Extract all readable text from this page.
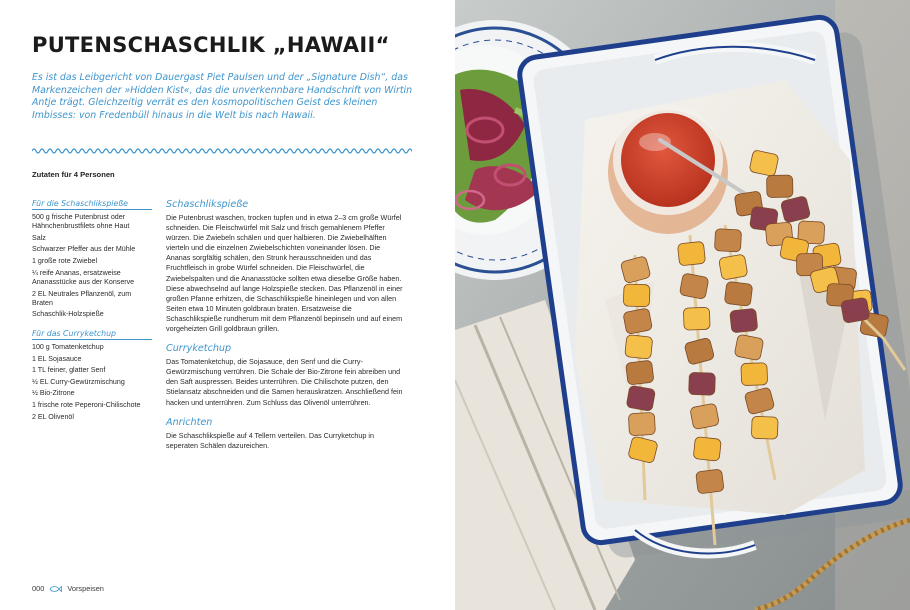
PUTENSCHASCHLIK „HAWAII“

Es ist das Leibgericht von Dauergast Piet Paulsen und der „Signature Dish“, das Markenzeichen der »Hidden Kist«, das die unverkennbare Handschrift von Wirtin Antje trägt. Gleichzeitig verrät es den kosmopolitischen Geist des kleinen Imbisses: von Fredenbüll hinaus in die Welt bis nach Hawaii.

Zutaten für 4 Personen
Für die Schaschlikspieße
500 g frische Putenbrust oder Hähnchenbrustfilets ohne Haut
Salz
Schwarzer Pfeffer aus der Mühle
1 große rote Zwiebel
¼ reife Ananas, ersatzweise Ananasstücke aus der Konserve
2 EL Neutrales Pflanzenöl, zum Braten
Schaschlik-Holzspieße
Für das Curryketchup
100 g Tomatenketchup
1 EL Sojasauce
1 TL feiner, glatter Senf
½ EL Curry-Gewürzmischung
½ Bio-Zitrone
1 frische rote Peperoni-Chilischote
2 EL Olivenöl
Schaschlikspieße

Die Putenbrust waschen, trocken tupfen und in etwa 2–3 cm große Würfel schneiden. Die Fleischwürfel mit Salz und frisch gemahlenem Pfeffer würzen. Die Zwiebeln schälen und quer halbieren. Die Zwiebelhälften vierteln und die einzelnen Zwiebelschichten voneinander lösen. Die Ananas sorgfältig schälen, den Strunk herausschneiden und das Fruchtfleisch in grobe Würfel schneiden. Die Fleischwürfel, die Zwiebelspalten und die Ananasstücke sollten etwa dieselbe Größe haben. Diese abwechselnd auf lange Holzspieße stecken. Das Pflanzenöl in einer großen Pfanne erhitzen, die Schaschlikspieße hineinlegen und von allen Seiten etwa 10 Minuten goldbraun braten. Ersatzweise die Schaschlikspieße rundherum mit dem Pflanzenöl bepinseln und auf einem vorgeheizten Grill goldbraun grillen.

Curryketchup

Das Tomatenketchup, die Sojasauce, den Senf und die Curry-Gewürzmischung verrühren. Die Schale der Bio-Zitrone fein abreiben und den Saft auspressen. Beides unterrühren. Die Chilischote putzen, den Stielansatz abschneiden und die Samen herauskratzen. Anschließend fein hacken und unterrühren. Zum Schluss das Olivenöl unterrühren.

Anrichten

Die Schaschlikspieße auf 4 Tellern verteilen. Das Curryketchup in seperaten Schälen dazureichen.

000	Vorspeisen
